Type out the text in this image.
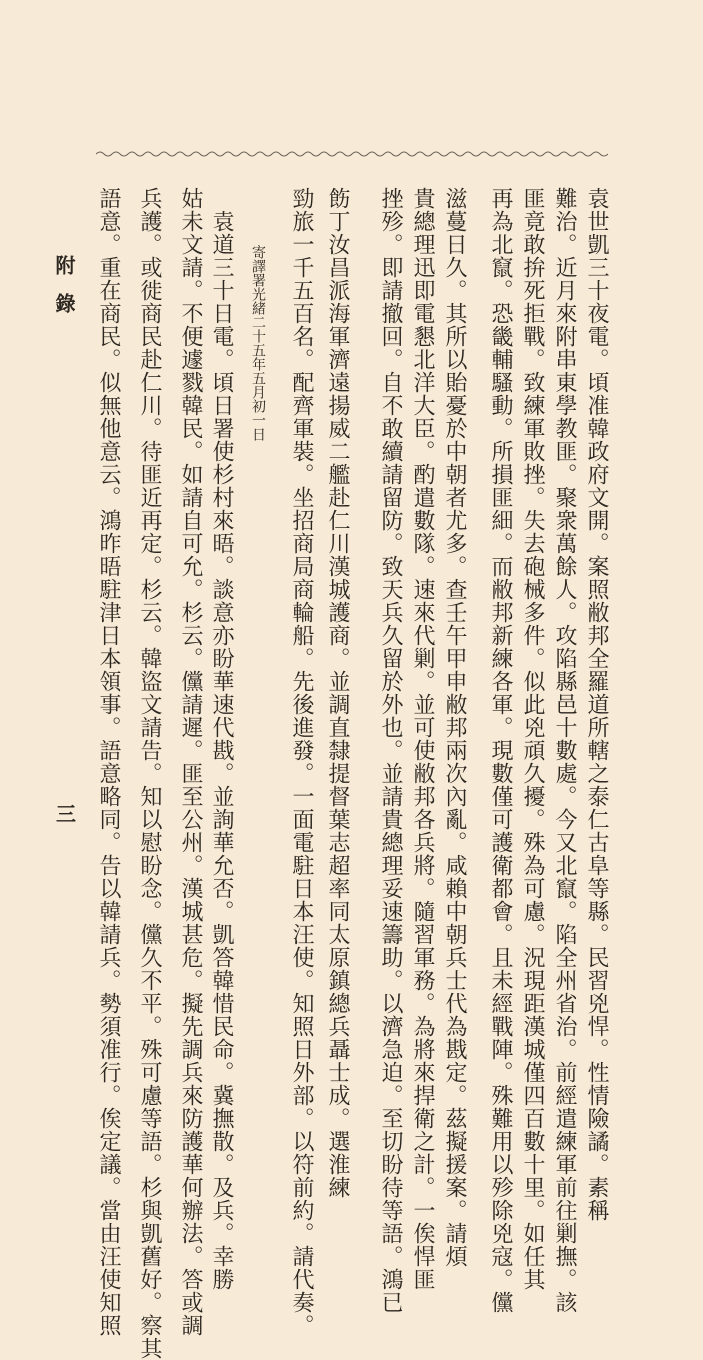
袁世凱三十夜電。頃准韓政府文開。案照敝邦全羅道所轄之泰仁古阜等縣。民習兇悍。性情險譎。素稱
難治。近月來附串東學教匪。聚衆萬餘人。攻陷縣邑十數處。今又北竄。陷全州省治。前經遣練軍前往剿撫。該
匪竟敢拚死拒戰。致練軍敗挫。失去砲械多件。似此兇頑久擾。殊為可慮。況現距漢城僅四百數十里。如任其
再為北竄。恐畿輔騷動。所損匪細。而敝邦新練各軍。現數僅可護衛都會。且未經戰陣。殊難用以殄除兇寇。儻
滋蔓日久。其所以貽憂於中朝者尤多。查壬午甲申敝邦兩次內亂。咸賴中朝兵士代為戡定。茲擬援案。請煩
貴總理迅即電懇北洋大臣。酌遣數隊。速來代剿。並可使敝邦各兵將。隨習軍務。為將來捍衛之計。一俟悍匪
挫殄。即請撤回。自不敢續請留防。致天兵久留於外也。並請貴總理妥速籌助。以濟急迫。至切盼待等語。鴻已
飭丁汝昌派海軍濟遠揚威二艦赴仁川漢城護商。並調直隸提督葉志超率同太原鎮總兵聶士成。選淮練
勁旅一千五百名。配齊軍裝。坐招商局商輪船。先後進發。一面電駐日本汪使。知照日外部。以符前約。請代奏。
寄譯署光緒二十五年五月初一日
袁道三十日電。頃日署使杉村來晤。談意亦盼華速代戡。並詢華允否。凱答韓惜民命。冀撫散。及兵。幸勝
姑未文請。不便遽戮韓民。如請自可允。杉云。儻請遲。匪至公州。漢城甚危。擬先調兵來防護華何辦法。答或調
兵護。或徙商民赴仁川。待匪近再定。杉云。韓盜文請告。知以慰盼念。儻久不平。殊可慮等語。杉與凱舊好。察其
語意。重在商民。似無他意云。鴻昨晤駐津日本領事。語意略同。告以韓請兵。勢須准行。俟定議。當由汪使知照
附錄
三
